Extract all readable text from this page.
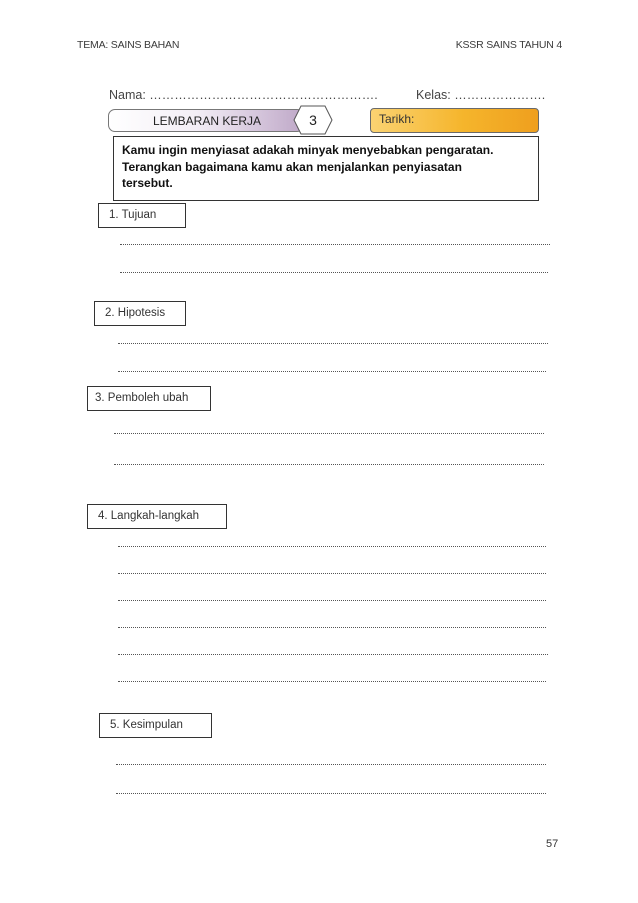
TEMA: SAINS BAHAN	KSSR SAINS TAHUN 4
Nama: ……………………………………………….	Kelas: ………………….
LEMBARAN KERJA	3	Tarikh:
Kamu ingin menyiasat adakah minyak menyebabkan pengaratan.
Terangkan bagaimana kamu akan menjalankan penyiasatan
tersebut.
1. Tujuan
2. Hipotesis
3. Pemboleh ubah
4. Langkah-langkah
5. Kesimpulan
57
